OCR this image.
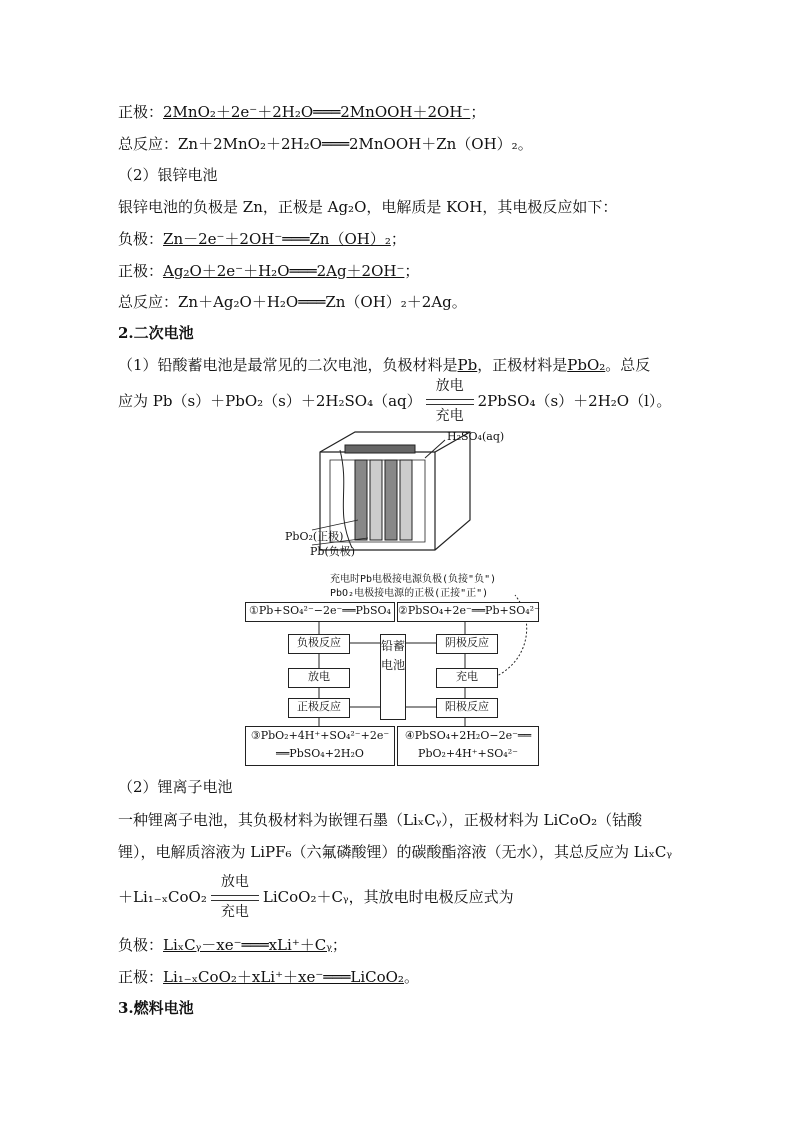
正极：2MnO₂＋2e⁻＋2H₂O═══2MnOOH＋2OH⁻；
总反应：Zn＋2MnO₂＋2H₂O═══2MnOOH＋Zn（OH）₂。
（2）银锌电池
银锌电池的负极是 Zn，正极是 Ag₂O，电解质是 KOH，其电极反应如下：
负极：Zn－2e⁻＋2OH⁻═══Zn（OH）₂；
正极：Ag₂O＋2e⁻＋H₂O═══2Ag＋2OH⁻；
总反应：Zn＋Ag₂O＋H₂O═══Zn（OH）₂＋2Ag。
2.二次电池
（1）铅酸蓄电池是最常见的二次电池，负极材料是Pb，正极材料是PbO₂。总反
应为 Pb（s）＋PbO₂（s）＋2H₂SO₄（aq）
放电
充电
2PbSO₄（s）＋2H₂O（l）。
H₂SO₄(aq)
PbO₂(正极)
Pb(负极)
充电时Pb电极接电源负极(负接"负")
PbO₂电极接电源的正极(正接"正")
①Pb+SO₄²⁻−2e⁻══PbSO₄ ②PbSO₄+2e⁻══Pb+SO₄²⁻
负极反应	阴极反应
放电	充电
正极反应	阳极反应
铅蓄电池
③PbO₂+4H⁺+SO₄²⁻+2e⁻
══PbSO₄+2H₂O
④PbSO₄+2H₂O−2e⁻══
PbO₂+4H⁺+SO₄²⁻
（2）锂离子电池
一种锂离子电池，其负极材料为嵌锂石墨（LiₓCᵧ），正极材料为 LiCoO₂（钴酸
锂），电解质溶液为 LiPF₆（六氟磷酸锂）的碳酸酯溶液（无水），其总反应为 LiₓCᵧ
＋Li₁₋ₓCoO₂
放电
充电
LiCoO₂＋Cᵧ，其放电时电极反应式为
负极：LiₓCᵧ－xe⁻═══xLi⁺＋Cᵧ；
正极：Li₁₋ₓCoO₂＋xLi⁺＋xe⁻═══LiCoO₂。
3.燃料电池
